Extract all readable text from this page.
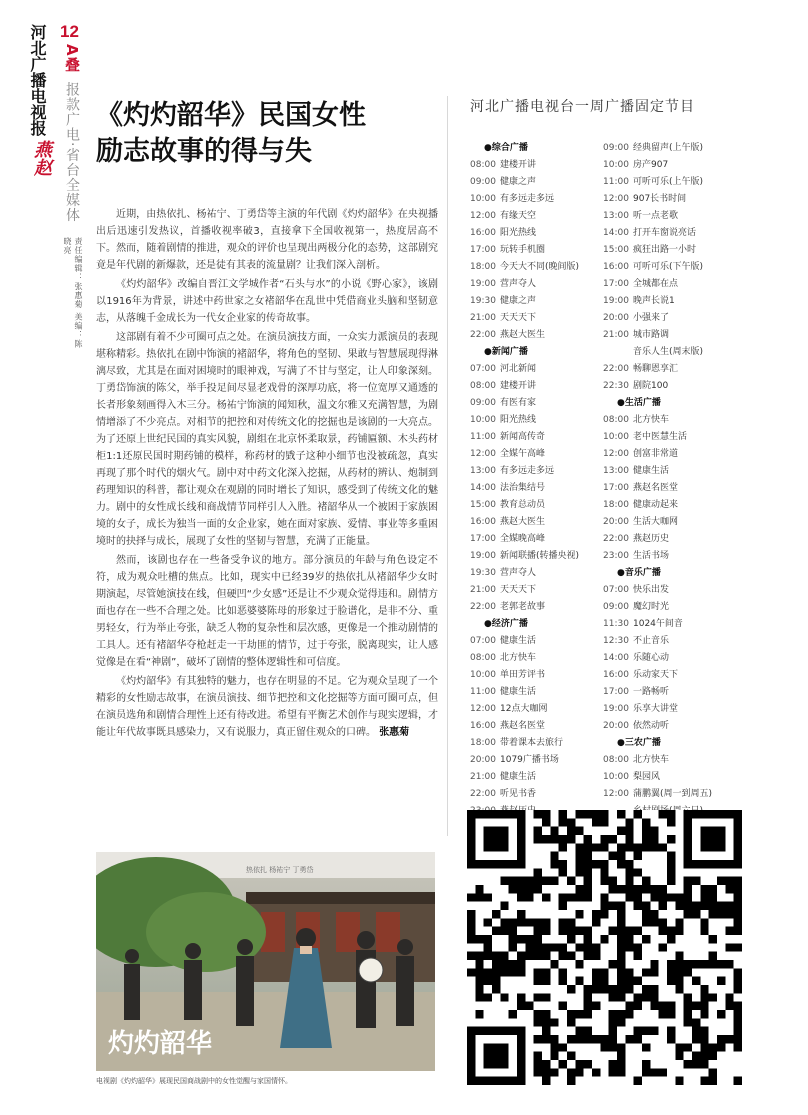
河北广播电视报
燕赵
12
A叠
报款广电·省台全媒体
责任编辑：张惠菊 美编：陈晓亮
《灼灼韶华》民国女性
励志故事的得与失

近期，由热依扎、杨祐宁、丁勇岱等主演的年代剧《灼灼韶华》在央视播出后迅速引发热议，首播收视率破3，直接拿下全国收视第一，热度居高不下。然而，随着剧情的推进，观众的评价也呈现出两极分化的态势，这部剧究竟是年代剧的新爆款，还是徒有其表的流量剧？让我们深入剖析。

《灼灼韶华》改编自晋江文学城作者“石头与水”的小说《野心家》，该剧以1916年为背景，讲述中药世家之女褚韶华在乱世中凭借商业头脑和坚韧意志，从落魄千金成长为一代女企业家的传奇故事。

这部剧有着不少可圈可点之处。在演员演技方面，一众实力派演员的表现堪称精彩。热依扎在剧中饰演的褚韶华，将角色的坚韧、果敢与智慧展现得淋漓尽致，尤其是在面对困境时的眼神戏，写满了不甘与坚定，让人印象深刻。丁勇岱饰演的陈父，举手投足间尽显老戏骨的深厚功底，将一位宽厚又通透的长者形象刻画得入木三分。杨祐宁饰演的闻知秋，温文尔雅又充满智慧，为剧情增添了不少亮点。对相节的把控和对传统文化的挖掘也是该剧的一大亮点。为了还原上世纪民国的真实风貌，剧组在北京怀柔取景，药铺匾额、木头药材柜1:1还原民国时期药铺的模样，称药材的戥子这种小细节也没被疏忽，真实再现了那个时代的烟火气。剧中对中药文化深入挖掘，从药材的辨认、炮制到药理知识的科普，都让观众在观剧的同时增长了知识，感受到了传统文化的魅力。剧中的女性成长线和商战情节同样引人入胜。褚韶华从一个被困于家族困境的女子，成长为独当一面的女企业家，她在面对家族、爱情、事业等多重困境时的抉择与成长，展现了女性的坚韧与智慧，充满了正能量。

然而，该剧也存在一些备受争议的地方。部分演员的年龄与角色设定不符，成为观众吐槽的焦点。比如，现实中已经39岁的热依扎从褚韶华少女时期演起，尽管她演技在线，但硬凹“少女感”还是让不少观众觉得违和。剧情方面也存在一些不合理之处。比如恶婆婆陈母的形象过于脸谱化，是非不分、重男轻女，行为举止夸张，缺乏人物的复杂性和层次感，更像是一个推动剧情的工具人。还有褚韶华夺枪赶走一干劫匪的情节，过于夸张，脱离现实，让人感觉像是在看“神剧”，破坏了剧情的整体逻辑性和可信度。

《灼灼韶华》有其独特的魅力，也存在明显的不足。它为观众呈现了一个精彩的女性励志故事，在演员演技、细节把控和文化挖掘等方面可圈可点，但在演员选角和剧情合理性上还有待改进。希望有平衡艺术创作与现实逻辑，才能让年代故事既具感染力，又有说服力，真正留住观众的口碑。 张惠菊

灼灼韶华
热依扎 杨祐宁 丁勇岱
电视剧《灼灼韶华》展现民国商战剧中的女性觉醒与家国情怀。
河北广播电视台一周广播固定节目
●综合广播
08:00 建楼开讲
09:00 健康之声
10:00 有多远走多远
12:00 有缘天空
16:00 阳光热线
17:00 玩转手机圈
18:00 今天大不同(晚间版)
19:00 营声夺人
19:30 健康之声
21:00 天天天下
22:00 燕赵大医生
●新闻广播
07:00 河北新闻
08:00 建楼开讲
09:00 有医有家
10:00 阳光热线
11:00 新闻高传奇
12:00 全媒午高峰
13:00 有多远走多远
14:00 法治集结号
15:00 教育总动员
16:00 燕赵大医生
17:00 全媒晚高峰
19:00 新闻联播(转播央视)
19:30 营声夺人
21:00 天天天下
22:00 老郭老故事
●经济广播
07:00 健康生活
08:00 北方快车
10:00 单田芳评书
11:00 健康生活
12:00 12点大咖网
16:00 燕赵名医堂
18:00 带着课本去旅行
20:00 1079广播书场
21:00 健康生活
22:00 听见书香
09:00 经典留声(上午版)
10:00 房产907
11:00 可听可乐(上午版)
12:00 907长书时间
13:00 听一点老歌
14:00 打开车窗说亮话
15:00 疯狂出路一小时
16:00 可听可乐(下午版)
17:00 全城都在点
19:00 晚声长说1
20:00 小强来了
21:00 城市路调
音乐人生(周末版)
22:00 畅聊恩享汇
22:30 剧院100
●生活广播
08:00 北方快车
10:00 老中医慧生活
12:00 创富非常道
13:00 健康生活
17:00 燕赵名医堂
18:00 健康动起来
20:00 生活大咖网
22:00 燕赵历史
23:00 生活书场
●音乐广播
07:00 快乐出发
09:00 魔幻时光
11:30 1024午间音
12:30 不止音乐
14:00 乐随心动
16:00 乐动家天下
17:00 一路畅听
19:00 乐享大讲堂
20:00 依然动听
●三农广播
08:00 北方快车
10:00 梨园风
12:00 蒲鹏翼(周一到周五)
